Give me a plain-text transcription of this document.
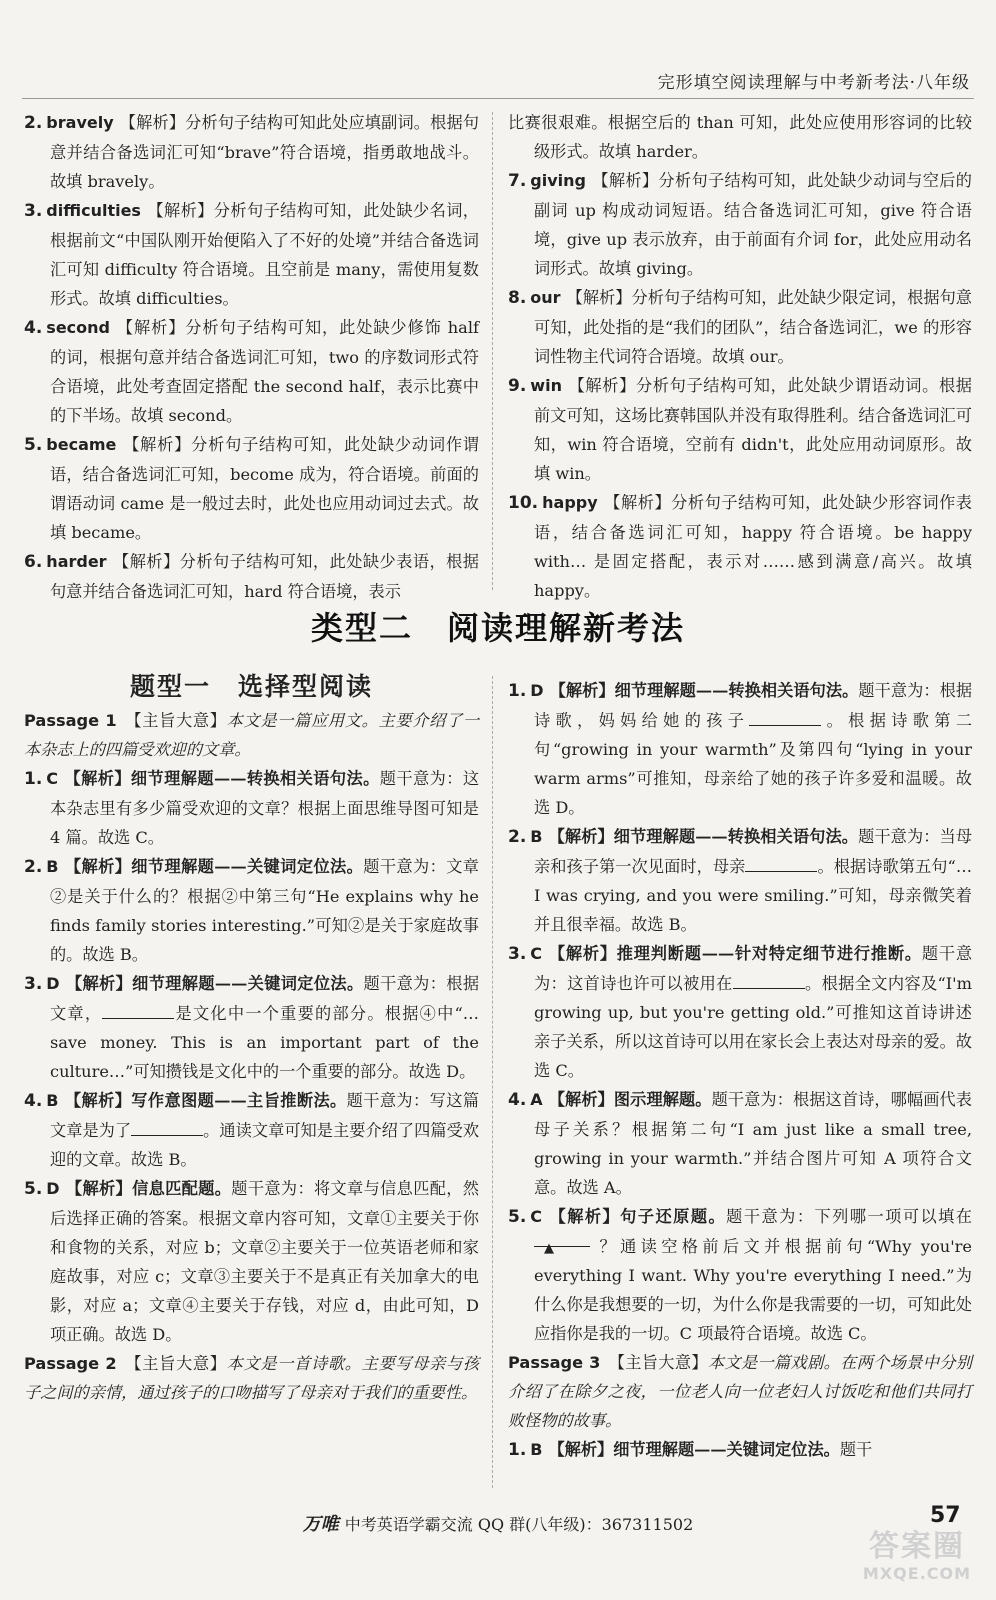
完形填空阅读理解与中考新考法·八年级
2. bravely 【解析】分析句子结构可知此处应填副词。根据句意并结合备选词汇可知“brave”符合语境，指勇敢地战斗。故填 bravely。
3. difficulties 【解析】分析句子结构可知，此处缺少名词，根据前文“中国队刚开始便陷入了不好的处境”并结合备选词汇可知 difficulty 符合语境。且空前是 many，需使用复数形式。故填 difficulties。
4. second 【解析】分析句子结构可知，此处缺少修饰 half 的词，根据句意并结合备选词汇可知，two 的序数词形式符合语境，此处考查固定搭配 the second half，表示比赛中的下半场。故填 second。
5. became 【解析】分析句子结构可知，此处缺少动词作谓语，结合备选词汇可知，become 成为，符合语境。前面的谓语动词 came 是一般过去时，此处也应用动词过去式。故填 became。
6. harder 【解析】分析句子结构可知，此处缺少表语，根据句意并结合备选词汇可知，hard 符合语境，表示
比赛很艰难。根据空后的 than 可知，此处应使用形容词的比较级形式。故填 harder。
7. giving 【解析】分析句子结构可知，此处缺少动词与空后的副词 up 构成动词短语。结合备选词汇可知，give 符合语境，give up 表示放弃，由于前面有介词 for，此处应用动名词形式。故填 giving。
8. our 【解析】分析句子结构可知，此处缺少限定词，根据句意可知，此处指的是“我们的团队”，结合备选词汇，we 的形容词性物主代词符合语境。故填 our。
9. win 【解析】分析句子结构可知，此处缺少谓语动词。根据前文可知，这场比赛韩国队并没有取得胜利。结合备选词汇可知，win 符合语境，空前有 didn't，此处应用动词原形。故填 win。
10. happy 【解析】分析句子结构可知，此处缺少形容词作表语，结合备选词汇可知，happy 符合语境。be happy with… 是固定搭配，表示对……感到满意/高兴。故填 happy。
类型二　阅读理解新考法
题型一　选择型阅读
Passage 1 【主旨大意】本文是一篇应用文。主要介绍了一本杂志上的四篇受欢迎的文章。
1. C 【解析】细节理解题——转换相关语句法。题干意为：这本杂志里有多少篇受欢迎的文章？根据上面思维导图可知是 4 篇。故选 C。
2. B 【解析】细节理解题——关键词定位法。题干意为：文章②是关于什么的？根据②中第三句“He explains why he finds family stories interesting.”可知②是关于家庭故事的。故选 B。
3. D 【解析】细节理解题——关键词定位法。题干意为：根据文章，	是文化中一个重要的部分。根据④中“… save money. This is an important part of the culture…”可知攒钱是文化中的一个重要的部分。故选 D。
4. B 【解析】写作意图题——主旨推断法。题干意为：写这篇文章是为了	。通读文章可知是主要介绍了四篇受欢迎的文章。故选 B。
5. D 【解析】信息匹配题。题干意为：将文章与信息匹配，然后选择正确的答案。根据文章内容可知，文章①主要关于你和食物的关系，对应 b；文章②主要关于一位英语老师和家庭故事，对应 c；文章③主要关于不是真正有关加拿大的电影，对应 a；文章④主要关于存钱，对应 d，由此可知，D 项正确。故选 D。
Passage 2 【主旨大意】本文是一首诗歌。主要写母亲与孩子之间的亲情，通过孩子的口吻描写了母亲对于我们的重要性。
1. D 【解析】细节理解题——转换相关语句法。题干意为：根据诗歌，妈妈给她的孩子	。根据诗歌第二句“growing in your warmth”及第四句“lying in your warm arms”可推知，母亲给了她的孩子许多爱和温暖。故选 D。
2. B 【解析】细节理解题——转换相关语句法。题干意为：当母亲和孩子第一次见面时，母亲	。根据诗歌第五句“… I was crying, and you were smiling.”可知，母亲微笑着并且很幸福。故选 B。
3. C 【解析】推理判断题——针对特定细节进行推断。题干意为：这首诗也许可以被用在	。根据全文内容及“I'm growing up, but you're getting old.”可推知这首诗讲述亲子关系，所以这首诗可以用在家长会上表达对母亲的爱。故选 C。
4. A 【解析】图示理解题。题干意为：根据这首诗，哪幅画代表母子关系？根据第二句“I am just like a small tree, growing in your warmth.”并结合图片可知 A 项符合文意。故选 A。
5. C 【解析】句子还原题。题干意为：下列哪一项可以填在 ▲	？通读空格前后文并根据前句“Why you're everything I want. Why you're everything I need.”为什么你是我想要的一切，为什么你是我需要的一切，可知此处应指你是我的一切。C 项最符合语境。故选 C。
Passage 3 【主旨大意】本文是一篇戏剧。在两个场景中分别介绍了在除夕之夜，一位老人向一位老妇人讨饭吃和他们共同打败怪物的故事。
1. B 【解析】细节理解题——关键词定位法。题干
万唯 中考英语学霸交流 QQ 群(八年级)：367311502	57
答案圈
MXQE.COM
